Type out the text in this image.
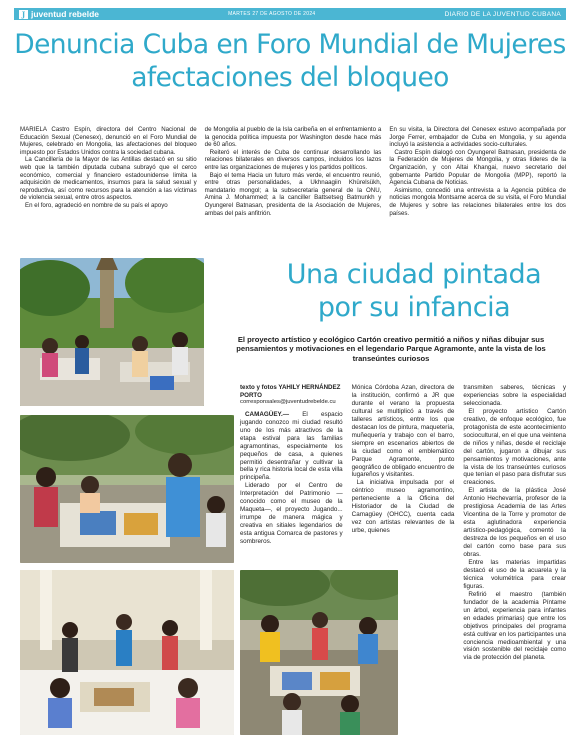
J juventud rebelde	MARTES 27 DE AGOSTO DE 2024	DIARIO DE LA JUVENTUD CUBANA
Denuncia Cuba en Foro Mundial de Mujeres
afectaciones del bloqueo

MARIELA Castro Espín, directora del Centro Nacional de Educación Sexual (Cenesex), denunció en el Foro Mundial de Mujeres, celebrado en Mongolia, las afectaciones del bloqueo impuesto por Estados Unidos contra la sociedad cubana.

La Cancillería de la Mayor de las Antillas destacó en su sitio web que la también diputada cubana subrayó que el cerco económico, comercial y financiero estadounidense limita la adquisición de medicamentos, insumos para la salud sexual y reproductiva, así como recursos para la atención a las víctimas de violencia sexual, entre otros aspectos.

En el foro, agradeció en nombre de su país el apoyo

de Mongolia al pueblo de la Isla caribeña en el enfrentamiento a la genocida política impuesta por Washington desde hace más de 60 años.

Reiteró el interés de Cuba de continuar desarrollando las relaciones bilaterales en diversos campos, incluidos los lazos entre las organizaciones de mujeres y los partidos políticos.

Bajo el tema Hacia un futuro más verde, el encuentro reunió, entre otras personalidades, a Ukhnaagiin Khürelsükh, mandatario mongol; a la subsecretaria general de la ONU, Amina J. Mohammed; a la canciller Battsetseg Batmunkh y Oyungerel Batnasan, presidenta de la Asociación de Mujeres, ambas del país anfitrión.

En su visita, la Directora del Cenesex estuvo acompañada por Jorge Ferrer, embajador de Cuba en Mongolia, y su agenda incluyó la asistencia a actividades socio-culturales.

Castro Espín dialogó con Oyungerel Batnasan, presidenta de la Federación de Mujeres de Mongolia, y otras líderes de la Organización, y con Altai Khangai, nuevo secretario del gobernante Partido Popular de Mongolia (MPP), reportó la Agencia Cubana de Noticias.

Asimismo, concedió una entrevista a la Agencia pública de noticias mongola Montsame acerca de su visita, el Foro Mundial de Mujeres y sobre las relaciones bilaterales entre los dos países.

Una ciudad pintada
por su infancia
El proyecto artístico y ecológico Cartón creativo permitió a niños y niñas dibujar sus pensamientos y motivaciones en el legendario Parque Agramonte, ante la vista de los transeúntes curiosos
texto y fotos YAHILY HERNÁNDEZ PORTO
corresponsales@juventudrebelde.cu

CAMAGÜEY.— El espacio jugando conozco mi ciudad resultó uno de los más atractivos de la etapa estival para las familias agramontinas, especialmente los pequeños de casa, a quienes permitió desentrañar y cultivar la bella y rica historia local de esta villa principeña.

Liderado por el Centro de Interpretación del Patrimonio —conocido como el museo de la Maqueta—, el proyecto Jugando... irrumpe de manera mágica y creativa en sitiales legendarios de esta antigua Comarca de pastores y sombreros.

Mónica Córdoba Azan, directora de la institución, confirmó a JR que durante el verano la propuesta cultural se multiplicó a través de talleres artísticos, entre los que destacan los de pintura, maquetería, muñequería y trabajo con el barro, siempre en escenarios abiertos de la ciudad como el emblemático Parque Agramonte, punto geográfico de obligado encuentro de lugareños y visitantes.

La iniciativa impulsada por el céntrico museo agramontino, perteneciente a la Oficina del Historiador de la Ciudad de Camagüey (OHCC), cuenta cada vez con artistas relevantes de la urbe, quienes

transmiten saberes, técnicas y experiencias sobre la especialidad seleccionada.

El proyecto artístico Cartón creativo, de enfoque ecológico, fue protagonista de este acontecimiento sociocultural, en el que una veintena de niños y niñas, desde el reciclaje del cartón, jugaron a dibujar sus pensamientos y motivaciones, ante la vista de los transeúntes curiosos que tenían el paso para disfrutar sus creaciones.

El artista de la plástica José Antonio Hechevarría, profesor de la prestigiosa Academia de las Artes Vicentina de la Torre y promotor de esta aglutinadora experiencia artístico-pedagógica, comentó la destreza de los pequeños en el uso del cartón como base para sus obras.

Entre las materias impartidas destacó el uso de la acuarela y la técnica volumétrica para crear figuras.

Refirió el maestro (también fundador de la academia Píntame un árbol, experiencia para infantes en edades primarias) que entre los objetivos principales del programa está cultivar en los participantes una conciencia medioambiental y una visión sostenible del reciclaje como vía de protección del planeta.
